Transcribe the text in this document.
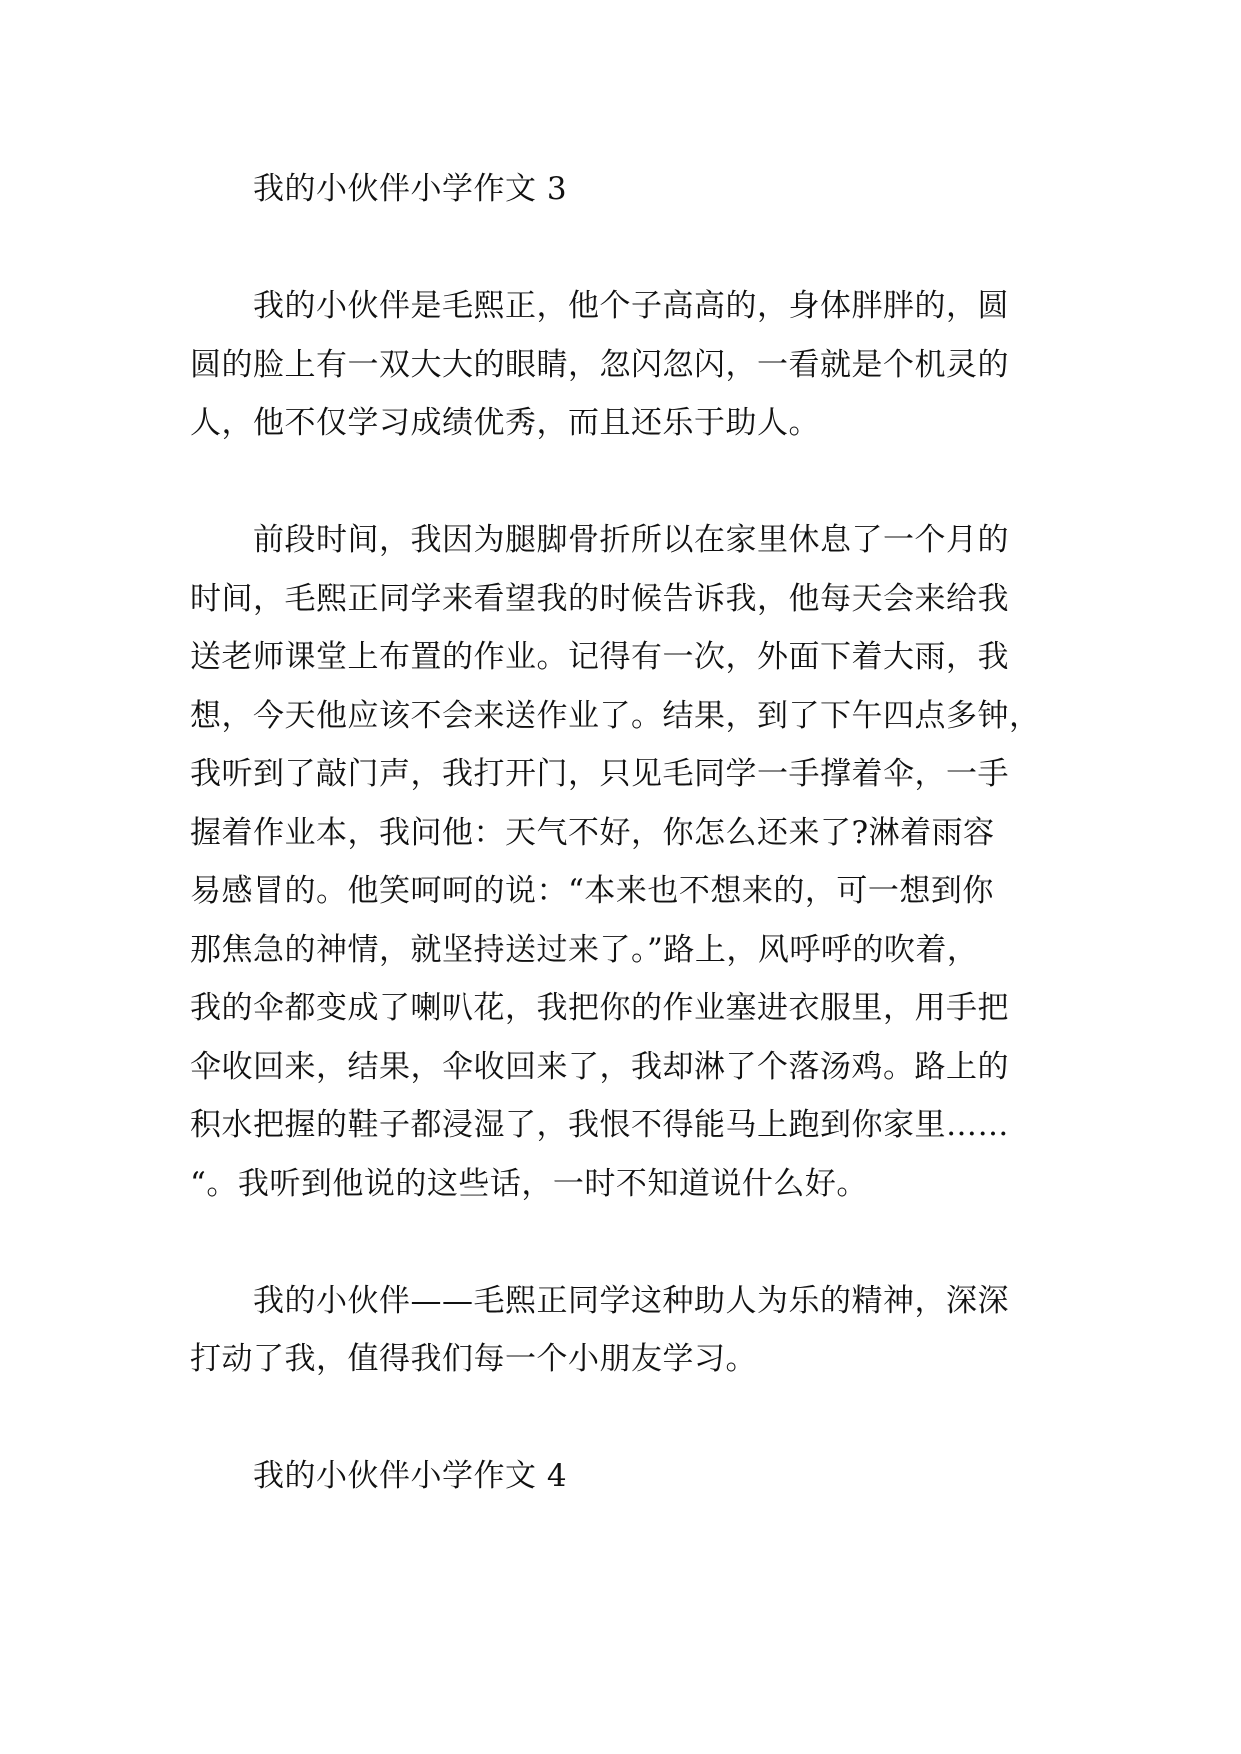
我的小伙伴小学作文 3
我的小伙伴是毛熙正，他个子高高的，身体胖胖的，圆
圆的脸上有一双大大的眼睛，忽闪忽闪，一看就是个机灵的
人，他不仅学习成绩优秀，而且还乐于助人。
前段时间，我因为腿脚骨折所以在家里休息了一个月的
时间，毛熙正同学来看望我的时候告诉我，他每天会来给我
送老师课堂上布置的作业。记得有一次，外面下着大雨，我
想，今天他应该不会来送作业了。结果，到了下午四点多钟，
我听到了敲门声，我打开门，只见毛同学一手撑着伞，一手
握着作业本，我问他：天气不好，你怎么还来了?淋着雨容
易感冒的。他笑呵呵的说：“本来也不想来的，可一想到你
那焦急的神情，就坚持送过来了。”路上，风呼呼的吹着，
我的伞都变成了喇叭花，我把你的作业塞进衣服里，用手把
伞收回来，结果，伞收回来了，我却淋了个落汤鸡。路上的
积水把握的鞋子都浸湿了，我恨不得能马上跑到你家里……
“。我听到他说的这些话，一时不知道说什么好。
我的小伙伴——毛熙正同学这种助人为乐的精神，深深
打动了我，值得我们每一个小朋友学习。
我的小伙伴小学作文 4
